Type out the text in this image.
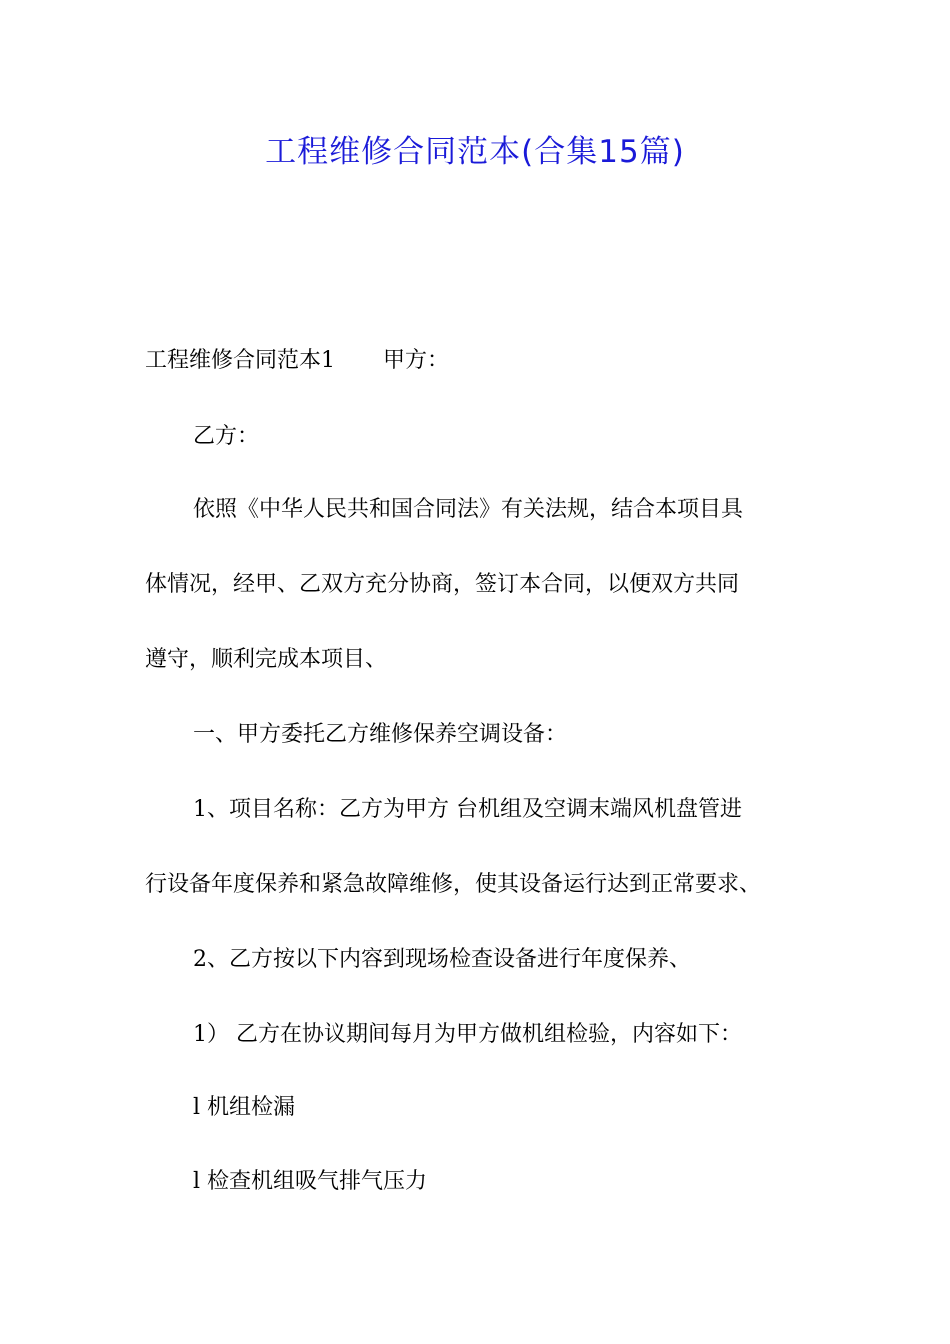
工程维修合同范本(合集15篇)

工程维修合同范本1 甲方：

乙方：

依照《中华人民共和国合同法》有关法规，结合本项目具

体情况，经甲、乙双方充分协商，签订本合同，以便双方共同

遵守，顺利完成本项目、

一、甲方委托乙方维修保养空调设备：

1、项目名称：乙方为甲方 台机组及空调末端风机盘管进

行设备年度保养和紧急故障维修，使其设备运行达到正常要求、

2、乙方按以下内容到现场检查设备进行年度保养、

1） 乙方在协议期间每月为甲方做机组检验，内容如下：

l 机组检漏

l 检查机组吸气排气压力
